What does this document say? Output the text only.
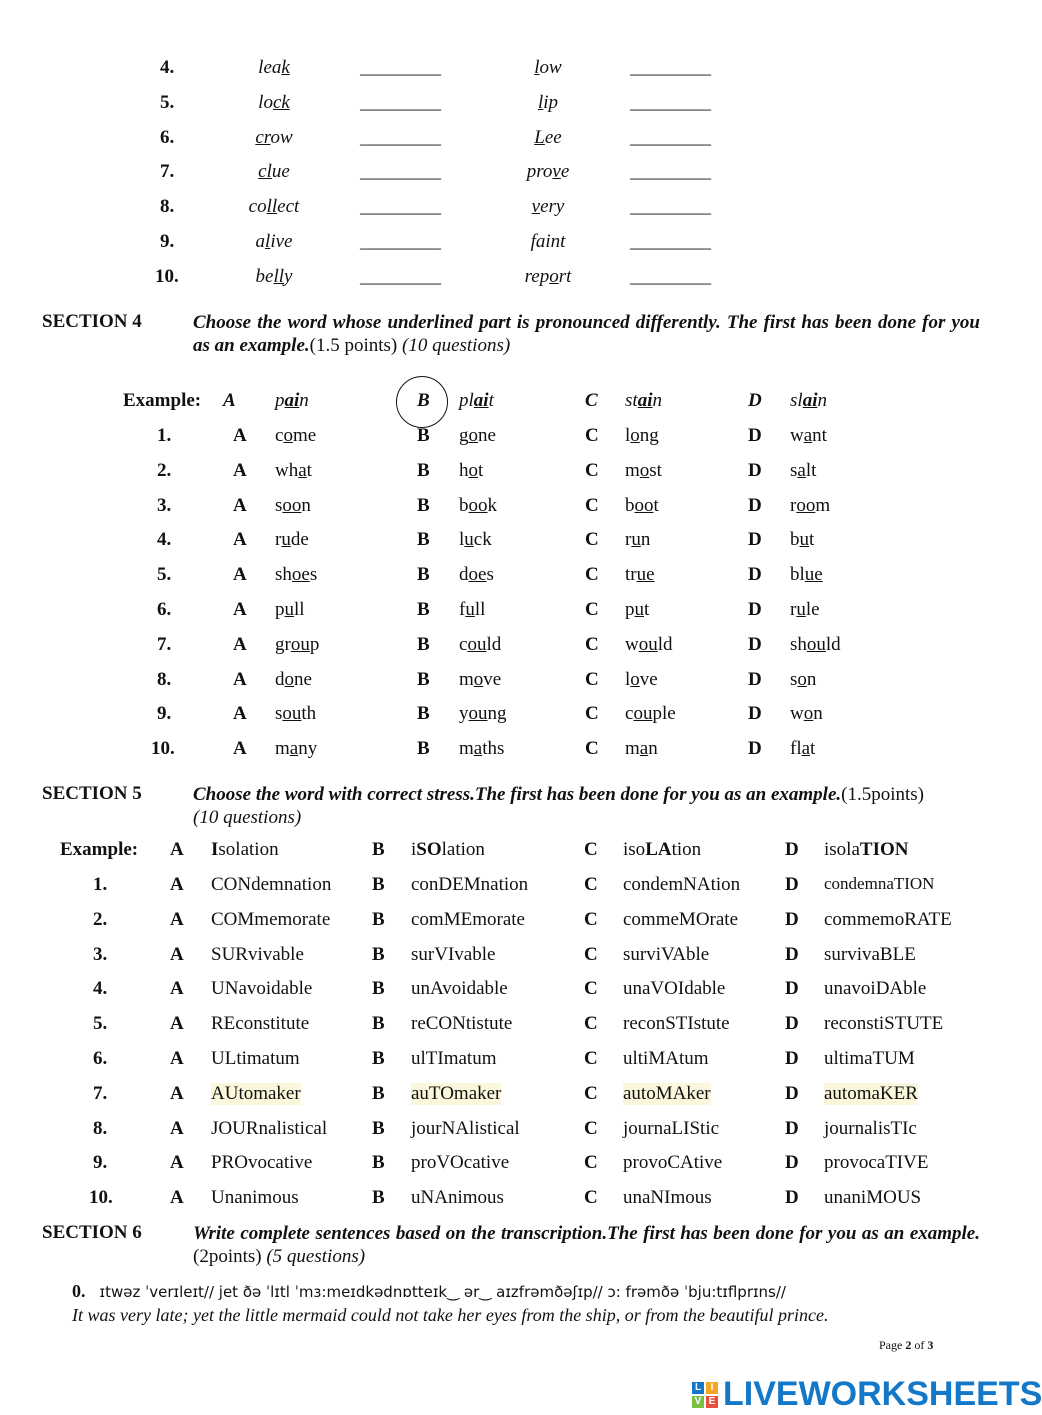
4.	leak	__________	low	__________
5.	lock	__________	lip	__________
6.	crow	__________	Lee	__________
7.	clue	__________	prove	__________
8.	collect	__________	very	__________
9.	alive	__________	faint	__________
10.	belly	__________	report	__________
SECTION 4	Choose the word whose underlined part is pronounced differently. The first has been done for you as an example.(1.5 points) (10 questions)
Example: A pain	B plait	C stain	D slain
1.	A come	B gone	C long	D want
2.	A what	B hot	C most	D salt
3.	A soon	B book	C boot	D room
4.	A rude	B luck	C run	D but
5.	A shoes	B does	C true	D blue
6.	A pull	B full	C put	D rule
7.	A group	B could	C would	D should
8.	A done	B move	C love	D son
9.	A south	B young	C couple	D won
10.	A many	B maths	C man	D flat
SECTION 5	Choose the word with correct stress.The first has been done for you as an example.(1.5points)
(10 questions)
Example: A Isolation	B iSOlation	C isoLAtion	D isolaTION
1.	A CONdemnation B conDEMnation	C condemNAtion D condemnaTION
2.	A COMmemorate B comMEmorate	C commeMOrate D commemoRATE
3.	A SURvivable	B surVIvable	C surviVAble	D survivaBLE
4.	A UNavoidable	B unAvoidable	C unaVOIdable	D unavoiDAble
5.	A REconstitute	B reCONtistute	C reconSTIstute	D reconstiSTUTE
6.	A ULtimatum	B ulTImatum	C ultiMAtum	D ultimaTUM
7.	A AUtomaker	B auTOmaker	C autoMAker	D automaKER
8.	A JOURnalistical B jourNAlistical	C journaLIStic	D journalisTIc
9.	A PROvocative	B proVOcative	C provoCAtive	D provocaTIVE
10.	A Unanimous	B uNAnimous	C unaNImous	D unaniMOUS
SECTION 6	Write complete sentences based on the transcription.The first has been done for you as an example.(2points) (5 questions)
0. ɪtwəz ˈverɪleɪt// jet ðə ˈlɪtl ˈmɜ:meɪdkədnɒtteɪk‿ ər‿ aɪzfrəmðəʃɪp// ɔ: frəmðə ˈbju:tɪflprɪns//
It was very late; yet the little mermaid could not take her eyes from the ship, or from the beautiful prince.
Page 2 of 3
L I
V E LIVEWORKSHEETS
